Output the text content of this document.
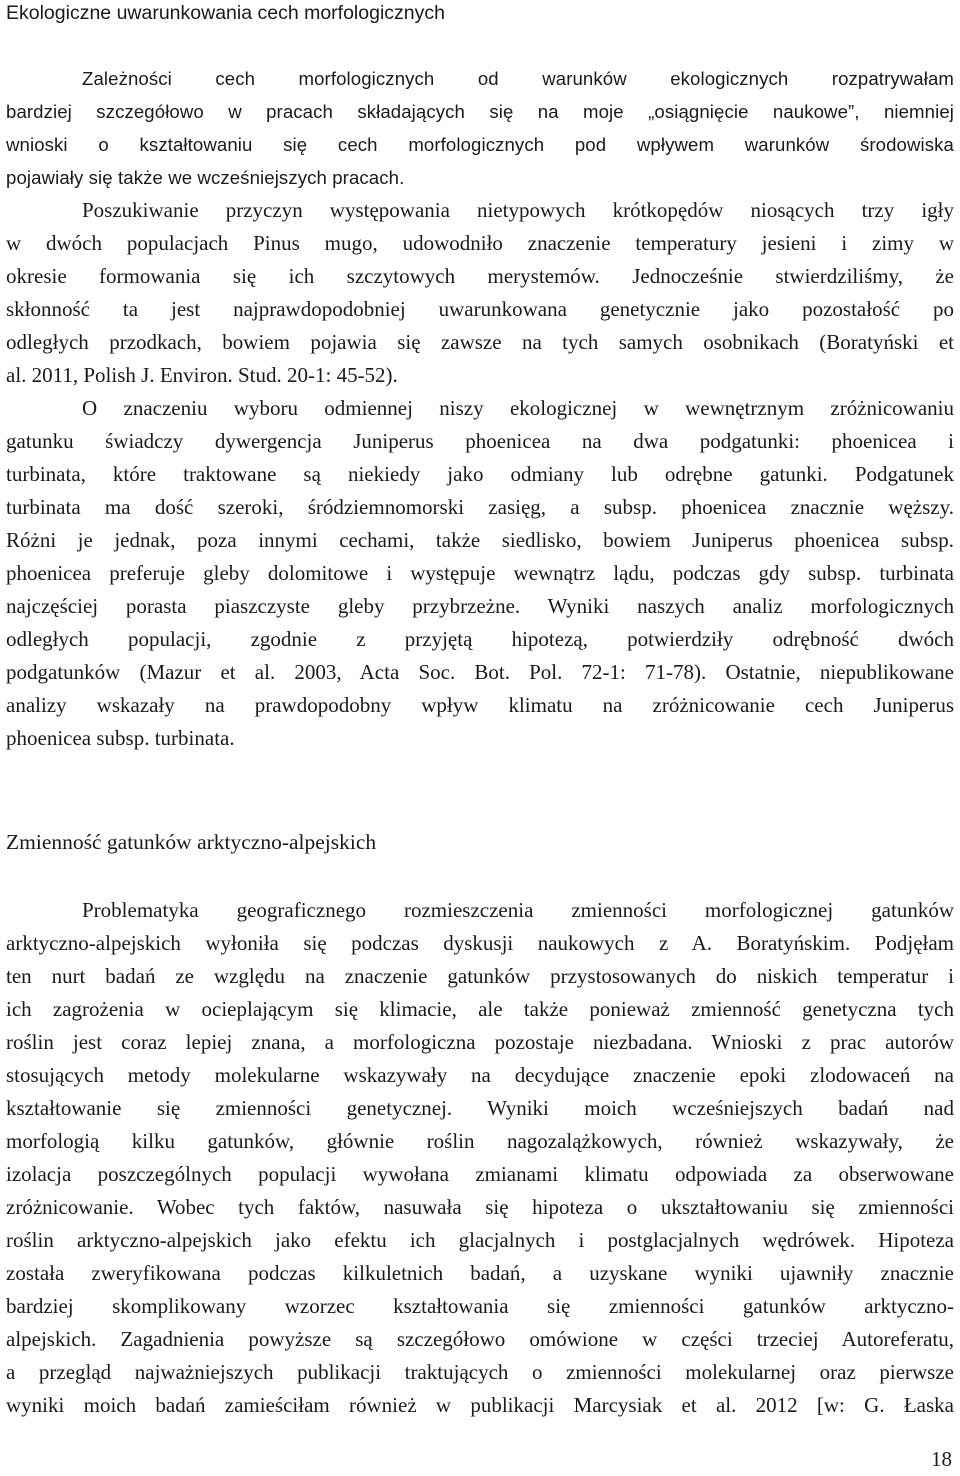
Ekologiczne uwarunkowania cech morfologicznych
Zależności cech morfologicznych od warunków ekologicznych rozpatrywałam
bardziej szczegółowo w pracach składających się na moje „osiągnięcie naukowe”, niemniej
wnioski o kształtowaniu się cech morfologicznych pod wpływem warunków środowiska
pojawiały się także we wcześniejszych pracach.
Poszukiwanie przyczyn występowania nietypowych krótkopędów niosących trzy igły
w dwóch populacjach Pinus mugo, udowodniło znaczenie temperatury jesieni i zimy w
okresie formowania się ich szczytowych merystemów. Jednocześnie stwierdziliśmy, że
skłonność ta jest najprawdopodobniej uwarunkowana genetycznie jako pozostałość po
odległych przodkach, bowiem pojawia się zawsze na tych samych osobnikach (Boratyński et
al. 2011, Polish J. Environ. Stud. 20-1: 45-52).
O znaczeniu wyboru odmiennej niszy ekologicznej w wewnętrznym zróżnicowaniu
gatunku świadczy dywergencja Juniperus phoenicea na dwa podgatunki: phoenicea i
turbinata, które traktowane są niekiedy jako odmiany lub odrębne gatunki. Podgatunek
turbinata ma dość szeroki, śródziemnomorski zasięg, a subsp. phoenicea znacznie węższy.
Różni je jednak, poza innymi cechami, także siedlisko, bowiem Juniperus phoenicea subsp.
phoenicea preferuje gleby dolomitowe i występuje wewnątrz lądu, podczas gdy subsp. turbinata
najczęściej porasta piaszczyste gleby przybrzeżne. Wyniki naszych analiz morfologicznych
odległych populacji, zgodnie z przyjętą hipotezą, potwierdziły odrębność dwóch
podgatunków (Mazur et al. 2003, Acta Soc. Bot. Pol. 72-1: 71-78). Ostatnie, niepublikowane
analizy wskazały na prawdopodobny wpływ klimatu na zróżnicowanie cech Juniperus
phoenicea subsp. turbinata.
Zmienność gatunków arktyczno-alpejskich
Problematyka geograficznego rozmieszczenia zmienności morfologicznej gatunków
arktyczno-alpejskich wyłoniła się podczas dyskusji naukowych z A. Boratyńskim. Podjęłam
ten nurt badań ze względu na znaczenie gatunków przystosowanych do niskich temperatur i
ich zagrożenia w ocieplającym się klimacie, ale także ponieważ zmienność genetyczna tych
roślin jest coraz lepiej znana, a morfologiczna pozostaje niezbadana. Wnioski z prac autorów
stosujących metody molekularne wskazywały na decydujące znaczenie epoki zlodowaceń na
kształtowanie się zmienności genetycznej. Wyniki moich wcześniejszych badań nad
morfologią kilku gatunków, głównie roślin nagozalążkowych, również wskazywały, że
izolacja poszczególnych populacji wywołana zmianami klimatu odpowiada za obserwowane
zróżnicowanie. Wobec tych faktów, nasuwała się hipoteza o ukształtowaniu się zmienności
roślin arktyczno-alpejskich jako efektu ich glacjalnych i postglacjalnych wędrówek. Hipoteza
została zweryfikowana podczas kilkuletnich badań, a uzyskane wyniki ujawniły znacznie
bardziej skomplikowany wzorzec kształtowania się zmienności gatunków arktyczno-
alpejskich. Zagadnienia powyższe są szczegółowo omówione w części trzeciej Autoreferatu,
a przegląd najważniejszych publikacji traktujących o zmienności molekularnej oraz pierwsze
wyniki moich badań zamieściłam również w publikacji Marcysiak et al. 2012 [w: G. Łaska
18
